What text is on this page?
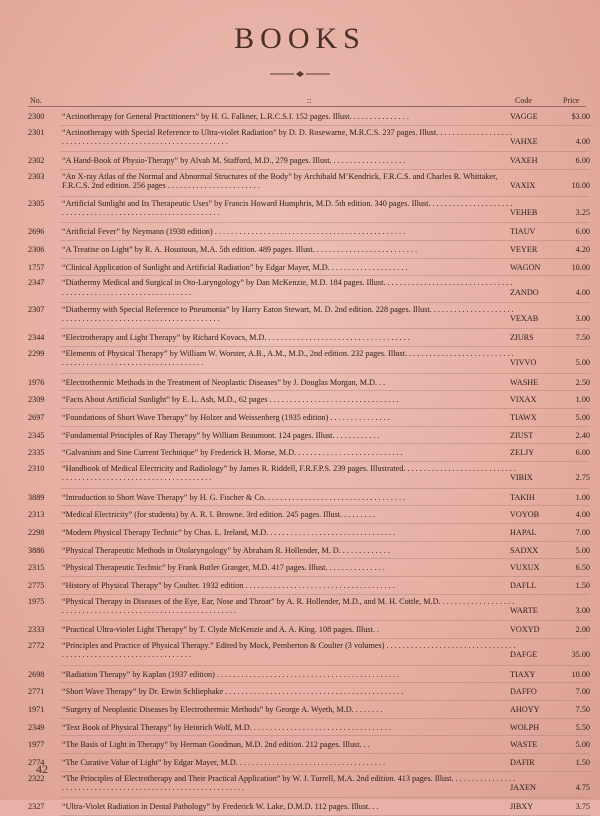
BOOKS
No.	::	Code	Price
2300	“Actinotherapy for General Practitioners” by H. G. Falkner, L.R.C.S.I. 152 pages. Illust. . . . . . . . . . . . . . .	VAGGE	$3.00
2301	“Actinotherapy with Special Reference to Ultra-violet Radiation” by D. D. Rosewarne, M.R.C.S. 237 pages. Illust. . . . . . . . . . . . . . . . . . . . . . . . . . . . . . . . . . . . . . . . . . . . . . . . . . . . . . . . . . . .	VAHXE	4.00
2302	“A Hand-Book of Physio-Therapy” by Alvah M. Stafford, M.D., 279 pages. Illust. . . . . . . . . . . . . . . . . . .	VAXEH	6.00
2303	“An X-ray Atlas of the Normal and Abnormal Structures of the Body” by Archibald M’Kendrick, F.R.C.S. and Charles R. Whittaker, F.R.C.S. 2nd edition. 256 pages . . . . . . . . . . . . . . . . . . . . . . .	VAXIX	10.00
2305	“Artificial Sunlight and Its Therapeutic Uses” by Francis Howard Humphris, M.D. 5th edition. 340 pages. Illust. . . . . . . . . . . . . . . . . . . . . . . . . . . . . . . . . . . . . . . . . . . . . . . . . . . . . . . . . . . .	VEHEB	3.25
2696	“Artificial Fever” by Neymann (1938 edition) . . . . . . . . . . . . . . . . . . . . . . . . . . . . . . . . . . . . . . . . . . . . . . .	TIAUV	6.00
2306	“A Treatise on Light” by R. A. Houstoun, M.A. 5th edition. 489 pages. Illust. . . . . . . . . . . . . . . . . . . . . . . . . .	VEYER	4.20
1757	“Clinical Application of Sunlight and Artificial Radiation” by Edgar Mayer, M.D. . . . . . . . . . . . . . . . . . . .	WAGON	10.00
2347	“Diathermy Medical and Surgical in Oto-Laryngology” by Dan McKenzie, M.D. 184 pages. Illust. . . . . . . . . . . . . . . . . . . . . . . . . . . . . . . . . . . . . . . . . . . . . . . . . . . . . . . . . . . . . . . .	ZANDO	4.00
2307	“Diathermy with Special Reference to Pneumonia” by Harry Eaton Stewart, M. D. 2nd edition. 228 pages. Illust. . . . . . . . . . . . . . . . . . . . . . . . . . . . . . . . . . . . . . . . . . . . . . . . . . . . . . . . . . . .	VEXAB	3.00
2344	“Electrotherapy and Light Therapy” by Richard Kovacs, M.D. . . . . . . . . . . . . . . . . . . . . . . . . . . . . . . . . . . .	ZIURS	7.50
2299	“Elements of Physical Therapy” by William W. Worster, A.B., A.M., M.D., 2nd edition. 232 pages. Illust. . . . . . . . . . . . . . . . . . . . . . . . . . . . . . . . . . . . . . . . . . . . . . . . . . . . . . . . . . . . . .	VIVVO	5.00
1976	“Electrothermic Methods in the Treatment of Neoplastic Diseases” by J. Douglas Morgan, M.D. . .	WASHE	2.50
2309	“Facts About Artificial Sunlight” by E. L. Ash, M.D., 62 pages . . . . . . . . . . . . . . . . . . . . . . . . . . . . . . . .	VIXAX	1.00
2697	“Foundations of Short Wave Therapy” by Holzer and Weissenberg (1935 edition) . . . . . . . . . . . . . . .	TIAWX	5.00
2345	“Fundamental Principles of Ray Therapy” by William Beaumont. 124 pages. Illust. . . . . . . . . . . .	ZIUST	2.40
2335	“Galvanism and Sine Current Technique” by Frederick H. Morse, M.D. . . . . . . . . . . . . . . . . . . . . . . . . . .	ZELJY	6.00
2310	“Handbook of Medical Electricity and Radiology” by James R. Riddell, F.R.F.P.S. 239 pages. Illustrated. . . . . . . . . . . . . . . . . . . . . . . . . . . . . . . . . . . . . . . . . . . . . . . . . . . . . . . . . . . . . . . . .	VIBIX	2.75
3889	“Introduction to Short Wave Therapy” by H. G. Fischer & Co. . . . . . . . . . . . . . . . . . . . . . . . . . . . . . . . . . .	TAKIH	1.00
2313	“Medical Electricity” (for students) by A. R. I. Browne. 3rd edition. 245 pages. Illust. . . . . . . . .	VOYOB	4.00
2298	“Modern Physical Therapy Technic” by Chas. L. Ireland, M.D. . . . . . . . . . . . . . . . . . . . . . . . . . . . . . . .	HAPAL	7.00
3886	“Physical Therapeutic Methods in Otolaryngology” by Abraham R. Hollender, M. D. . . . . . . . . . . . .	SADXX	5.00
2315	“Physical Therapeutic Technic” by Frank Butler Granger, M.D. 417 pages. Illust. . . . . . . . . . . . . . .	VUXUX	6.50
2775	“History of Physical Therapy” by Coulter. 1932 edition . . . . . . . . . . . . . . . . . . . . . . . . . . . . . . . . . . . . .	DAFLL	1.50
1975	“Physical Therapy in Diseases of the Eye, Ear, Nose and Throat” by A. R. Hollender, M.D., and M. H. Cottle, M.D. . . . . . . . . . . . . . . . . . . . . . . . . . . . . . . . . . . . . . . . . . . . . . . . . . . . . . . . . . . . . .	WARTE	3.00
2333	“Practical Ultra-violet Light Therapy” by T. Clyde McKenzie and A. A. King. 108 pages. Illust. .	VOXYD	2.00
2772	“Principles and Practice of Physical Therapy.” Edited by Mock, Pemberton & Coulter (3 volumes) . . . . . . . . . . . . . . . . . . . . . . . . . . . . . . . . . . . . . . . . . . . . . . . . . . . . . . . . . . . . . . . .	DAFGE	35.00
2698	“Radiation Therapy” by Kaplan (1937 edition) . . . . . . . . . . . . . . . . . . . . . . . . . . . . . . . . . . . . . . . . . . . . .	TIAXY	10.00
2771	“Short Wave Therapy” by Dr. Erwin Schliephake . . . . . . . . . . . . . . . . . . . . . . . . . . . . . . . . . . . . . . . . . . . .	DAFFO	7.00
1971	“Surgery of Neoplastic Diseases by Electrothermic Methods” by George A. Wyeth, M.D. . . . . . . .	AHOYY	7.50
2349	“Text Book of Physical Therapy” by Heinrich Wolf, M.D. . . . . . . . . . . . . . . . . . . . . . . . . . . . . . . . . . .	WOLPH	5.50
1977	“The Basis of Light in Therapy” by Herman Goodman, M.D. 2nd edition. 212 pages. Illust. . .	WASTE	5.00
2774	“The Curative Value of Light” by Edgar Mayer, M.D. . . . . . . . . . . . . . . . . . . . . . . . . . . . . . . . . . . . .	DAFIR	1.50
2322	“The Principles of Electrotherapy and Their Practical Application” by W. J. Turrell, M.A. 2nd edition. 413 pages. Illust. . . . . . . . . . . . . . . . . . . . . . . . . . . . . . . . . . . . . . . . . . . . . . . . . . . . . . . . . . . . .	JAXEN	4.75
2327	“Ultra-Violet Radiation in Dental Pathology” by Frederick W. Lake, D.M.D. 112 pages. Illust. . .	JIBXY	3.75
42
